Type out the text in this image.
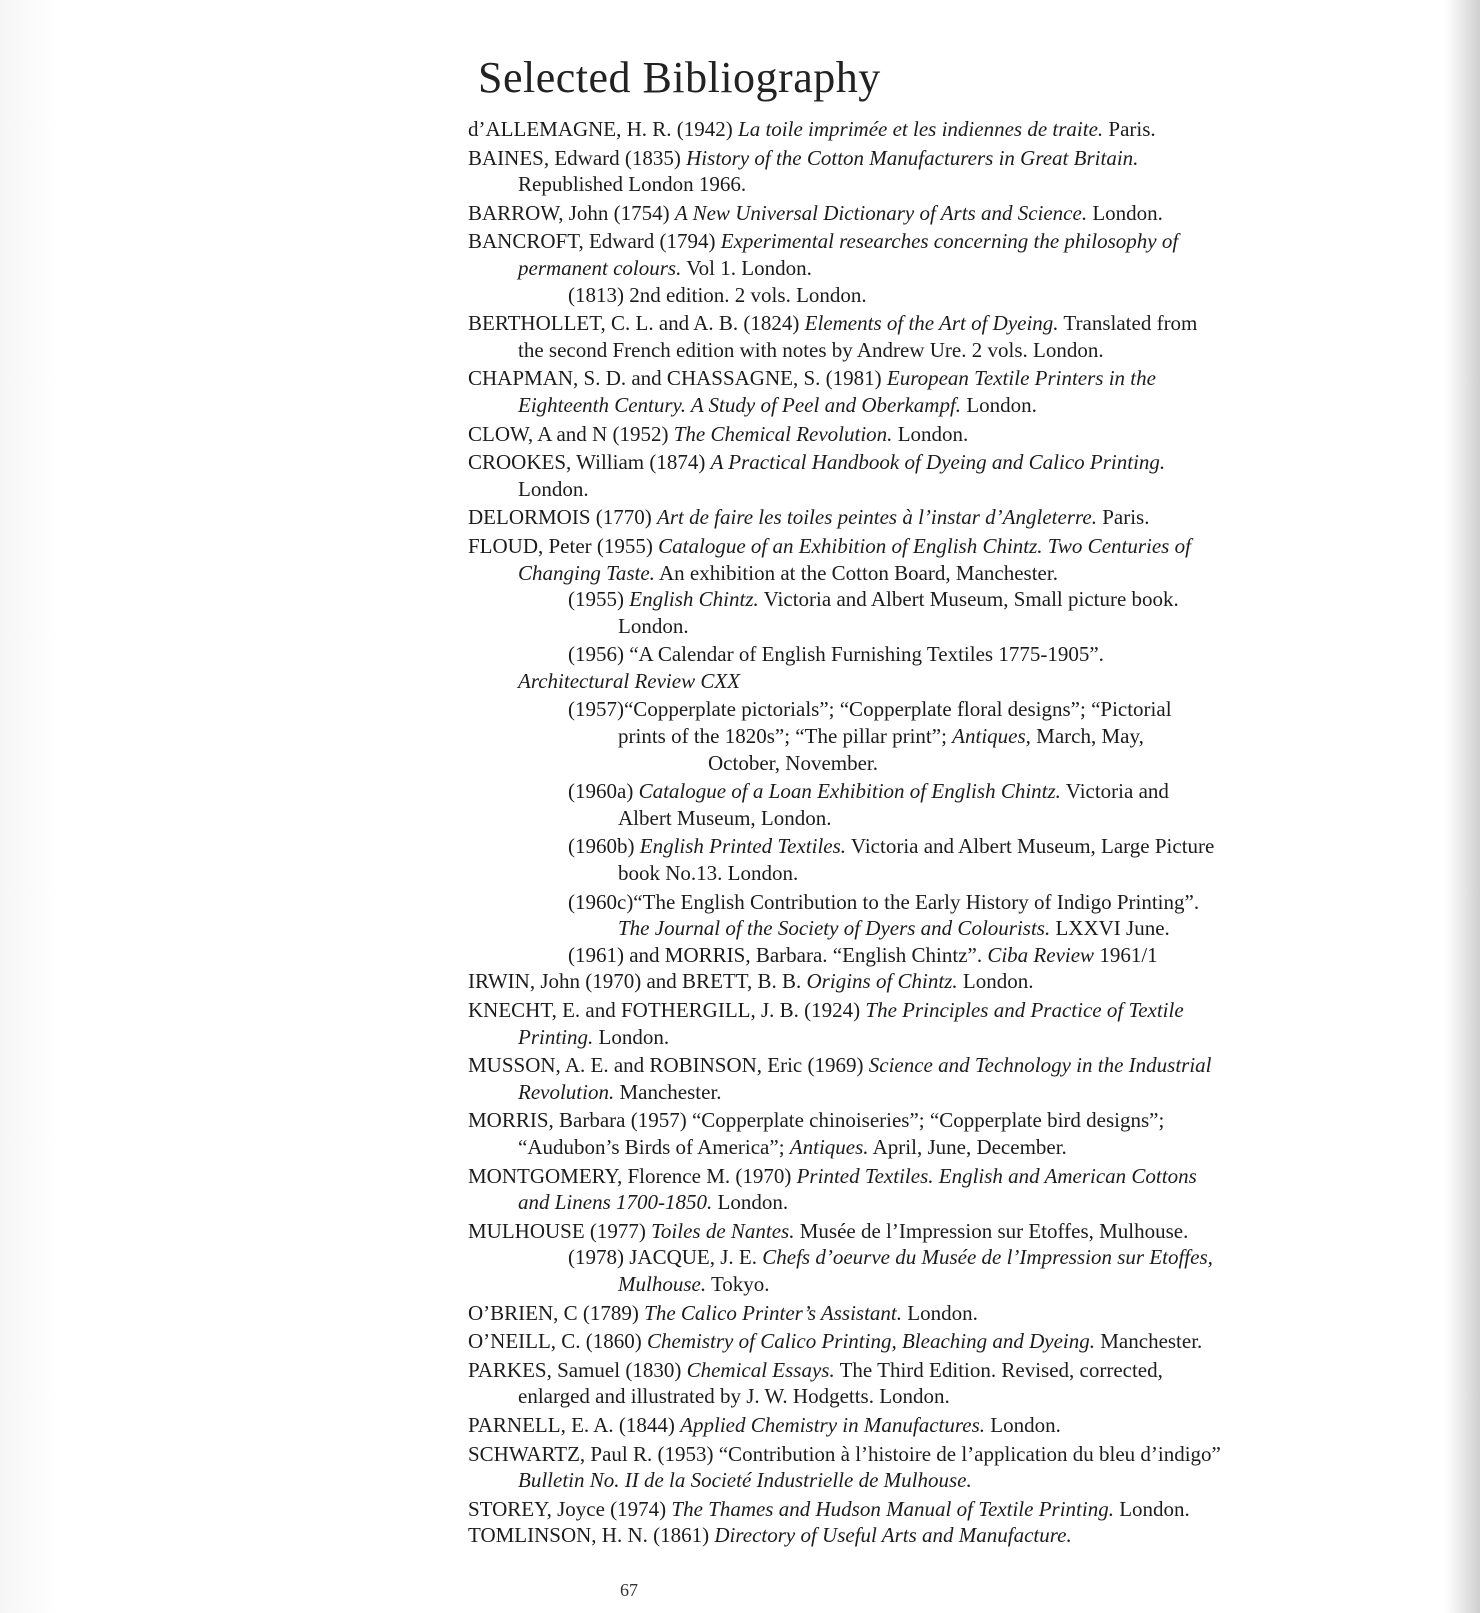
Selected Bibliography
d’ALLEMAGNE, H. R. (1942) La toile imprimée et les indiennes de traite. Paris.
BAINES, Edward (1835) History of the Cotton Manufacturers in Great Britain.
Republished London 1966.
BARROW, John (1754) A New Universal Dictionary of Arts and Science. London.
BANCROFT, Edward (1794) Experimental researches concerning the philosophy of
permanent colours. Vol 1. London.
(1813) 2nd edition. 2 vols. London.
BERTHOLLET, C. L. and A. B. (1824) Elements of the Art of Dyeing. Translated from
the second French edition with notes by Andrew Ure. 2 vols. London.
CHAPMAN, S. D. and CHASSAGNE, S. (1981) European Textile Printers in the
Eighteenth Century. A Study of Peel and Oberkampf. London.
CLOW, A and N (1952) The Chemical Revolution. London.
CROOKES, William (1874) A Practical Handbook of Dyeing and Calico Printing.
London.
DELORMOIS (1770) Art de faire les toiles peintes à l’instar d’Angleterre. Paris.
FLOUD, Peter (1955) Catalogue of an Exhibition of English Chintz. Two Centuries of
Changing Taste. An exhibition at the Cotton Board, Manchester.
(1955) English Chintz. Victoria and Albert Museum, Small picture book.
London.
(1956) “A Calendar of English Furnishing Textiles 1775-1905”.
Architectural Review CXX
(1957)“Copperplate pictorials”; “Copperplate floral designs”; “Pictorial
prints of the 1820s”; “The pillar print”; Antiques, March, May,
October, November.
(1960a) Catalogue of a Loan Exhibition of English Chintz. Victoria and
Albert Museum, London.
(1960b) English Printed Textiles. Victoria and Albert Museum, Large Picture
book No.13. London.
(1960c)“The English Contribution to the Early History of Indigo Printing”.
The Journal of the Society of Dyers and Colourists. LXXVI June.
(1961) and MORRIS, Barbara. “English Chintz”. Ciba Review 1961/1
IRWIN, John (1970) and BRETT, B. B. Origins of Chintz. London.
KNECHT, E. and FOTHERGILL, J. B. (1924) The Principles and Practice of Textile
Printing. London.
MUSSON, A. E. and ROBINSON, Eric (1969) Science and Technology in the Industrial
Revolution. Manchester.
MORRIS, Barbara (1957) “Copperplate chinoiseries”; “Copperplate bird designs”;
“Audubon’s Birds of America”; Antiques. April, June, December.
MONTGOMERY, Florence M. (1970) Printed Textiles. English and American Cottons
and Linens 1700-1850. London.
MULHOUSE (1977) Toiles de Nantes. Musée de l’Impression sur Etoffes, Mulhouse.
(1978) JACQUE, J. E. Chefs d’oeurve du Musée de l’Impression sur Etoffes,
Mulhouse. Tokyo.
O’BRIEN, C (1789) The Calico Printer’s Assistant. London.
O’NEILL, C. (1860) Chemistry of Calico Printing, Bleaching and Dyeing. Manchester.
PARKES, Samuel (1830) Chemical Essays. The Third Edition. Revised, corrected,
enlarged and illustrated by J. W. Hodgetts. London.
PARNELL, E. A. (1844) Applied Chemistry in Manufactures. London.
SCHWARTZ, Paul R. (1953) “Contribution à l’histoire de l’application du bleu d’indigo”
Bulletin No. II de la Societé Industrielle de Mulhouse.
STOREY, Joyce (1974) The Thames and Hudson Manual of Textile Printing. London.
TOMLINSON, H. N. (1861) Directory of Useful Arts and Manufacture.
67
